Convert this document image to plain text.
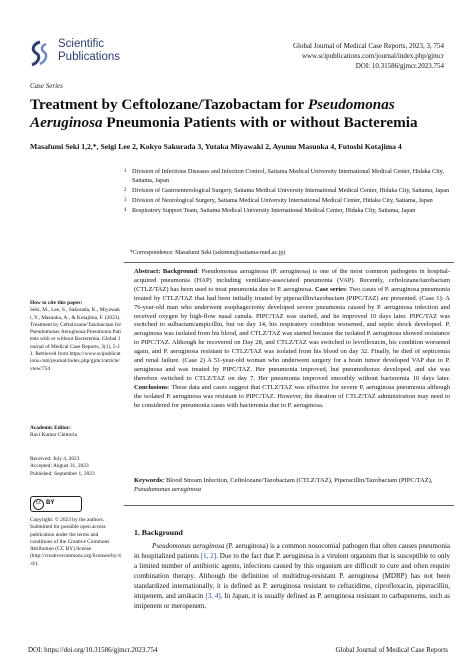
Scientific
Publications
Global Journal of Medical Case Reports, 2023, 3, 754
www.scipublications.com/journal/index.php/gjmcr
DOI: 10.31586/gjmcr.2023.754
Case Series
Treatment by Ceftolozane/Tazobactam for Pseudomonas Aeruginosa Pneumonia Patients with or without Bacteremia
Masafumi Seki 1,2,*, Seigi Lee 2, Kokyo Sakurada 3, Yutaka Miyawaki 2, Ayumu Masuoka 4, Futoshi Kotajima 4
1 Division of Infectious Diseases and Infection Control, Saitama Medical University International Medical Center, Hidaka City, Saitama, Japan
2 Division of Gastroenterological Surgery, Saitama Medical University International Medical Center, Hidaka City, Saitama, Japan
3 Division of Neurological Surgery, Saitama Medical University International Medical Center, Hidaka City, Saitama, Japan
4 Respiratory Support Team, Saitama Medical University International Medical Center, Hidaka City, Saitama, Japan
*Correspondence: Masafumi Seki (sekimm@saitama-med.ac.jp)
Abstract: Background: Pseudomonas aeruginosa (P. aeruginosa) is one of the most common pathogens in hospital-acquired pneumonia (HAP) including ventilator-associated pneumonia (VAP). Recently, ceftolozane/tazobactam (CTLZ/TAZ) has been used to treat pneumonia due to P. aeruginosa. Case series: Two cases of P. aeruginosa pneumonia treated by CTLZ/TAZ that had been initially treated by piperacillin/tazobactam (PIPC/TAZ) are presented. (Case 1): A 76-year-old man who underwent esophagectomy developed severe pneumonia caused by P. aeruginosa infection and received oxygen by high-flow nasal canula. PIPC/TAZ was started, and he improved 10 days later. PIPC/TAZ was switched to sulbactam/ampicillin, but on day 14, his respiratory condition worsened, and septic shock developed. P. aeruginosa was isolated from his blood, and CTLZ/TAZ was started because the isolated P. aeruginosa showed resistance to PIPC/TAZ. Although he recovered on Day 28, and CTLZ/TAZ was switched to levofloxacin, his condition worsened again, and P. aeruginosa resistant to CTLZ/TAZ was isolated from his blood on day 32. Finally, he died of septicemia and renal failure. (Case 2) A 51-year-old woman who underwent surgery for a brain tumor developed VAP due to P. aeruginosa and was treated by PIPC/TAZ. Her pneumonia improved, but pneumothorax developed, and she was therefore switched to CTLZ/TAZ on day 7. Her pneumonia improved smoothly without bacteremia 10 days later. Conclusions: These data and cases suggest that CTLZ/TAZ was effective for severe P. aeruginosa pneumonia although the isolated P. aeruginosa was resistant to PIPC/TAZ. However, the duration of CTLZ/TAZ administration may need to be considered for pneumonia cases with bacteremia due to P. aeruginosa.
Keywords: Blood Stream Infection, Ceftolozane/Tazobactam (CTLZ/TAZ), Piperacillin/Tazobactam (PIPC/TAZ), Pseudomonas aeruginosa
How to cite this paper:
Seki, M., Lee, S., Sakurada, K., Miyawaki, Y., Masuoka, A., & Kotajima, F. (2023). Treatment by Ceftolozane/Tazobactam for Pseudomonas Aeruginosa Pneumonia Patients with or without Bacteremia. Global Journal of Medical Case Reports, 3(1), 5-11. Retrieved from https://www.scipublications.com/journal/index.php/gjmcr/article/view/754
Academic Editor:
Ravi Kumar Chittoria
Received: July 4, 2023
Accepted: August 31, 2023
Published: September 1, 2023
cc BY
Copyright: © 2023 by the authors. Submitted for possible open access publication under the terms and conditions of the Creative Commons Attribution (CC BY) license (http://creativecommons.org/licenses/by/4.0/).
1. Background
Pseudomonas aeruginosa (P. aeruginosa) is a common nosocomial pathogen that often causes pneumonia in hospitalized patients [1, 2]. Due to the fact that P. aeruginosa is a virulent organism that is susceptible to only a limited number of antibiotic agents, infections caused by this organism are difficult to cure and often require combination therapy. Although the definition of multidrug-resistant P. aeruginosa (MDRP) has not been standardized internationally, it is defined as P. aeruginosa resistant to ceftazidime, ciprofloxacin, piperacillin, imipenem, and amikacin [3, 4]. In Japan, it is usually defined as P. aeruginosa resistant to carbapenems, such as imipenem or meropenem,
DOI: https://doi.org/10.31586/gjmcr.2023.754	Global Journal of Medical Case Reports
